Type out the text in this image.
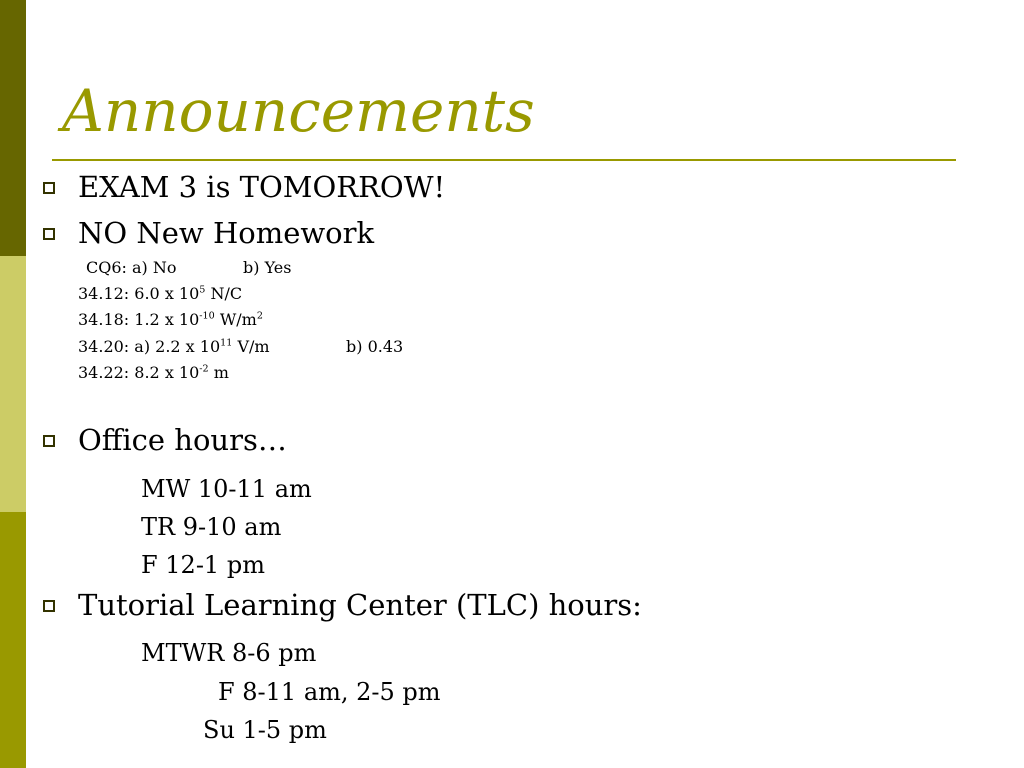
Announcements
EXAM 3 is TOMORROW!
NO New Homework
CQ6: a) No	b) Yes
34.12: 6.0 x $10^5$ N/C
34.18: 1.2 x $10^{-10}$ $W/m^2$
34.20: a) 2.2 x $10^{11}$ V/m	b) 0.43
34.22: 8.2 x $10^{-2}$ m
Office hours…
MW 10-11 am
TR 9-10 am
F 12-1 pm
Tutorial Learning Center (TLC) hours:
MTWR 8-6 pm
F 8-11 am, 2-5 pm
Su 1-5 pm
